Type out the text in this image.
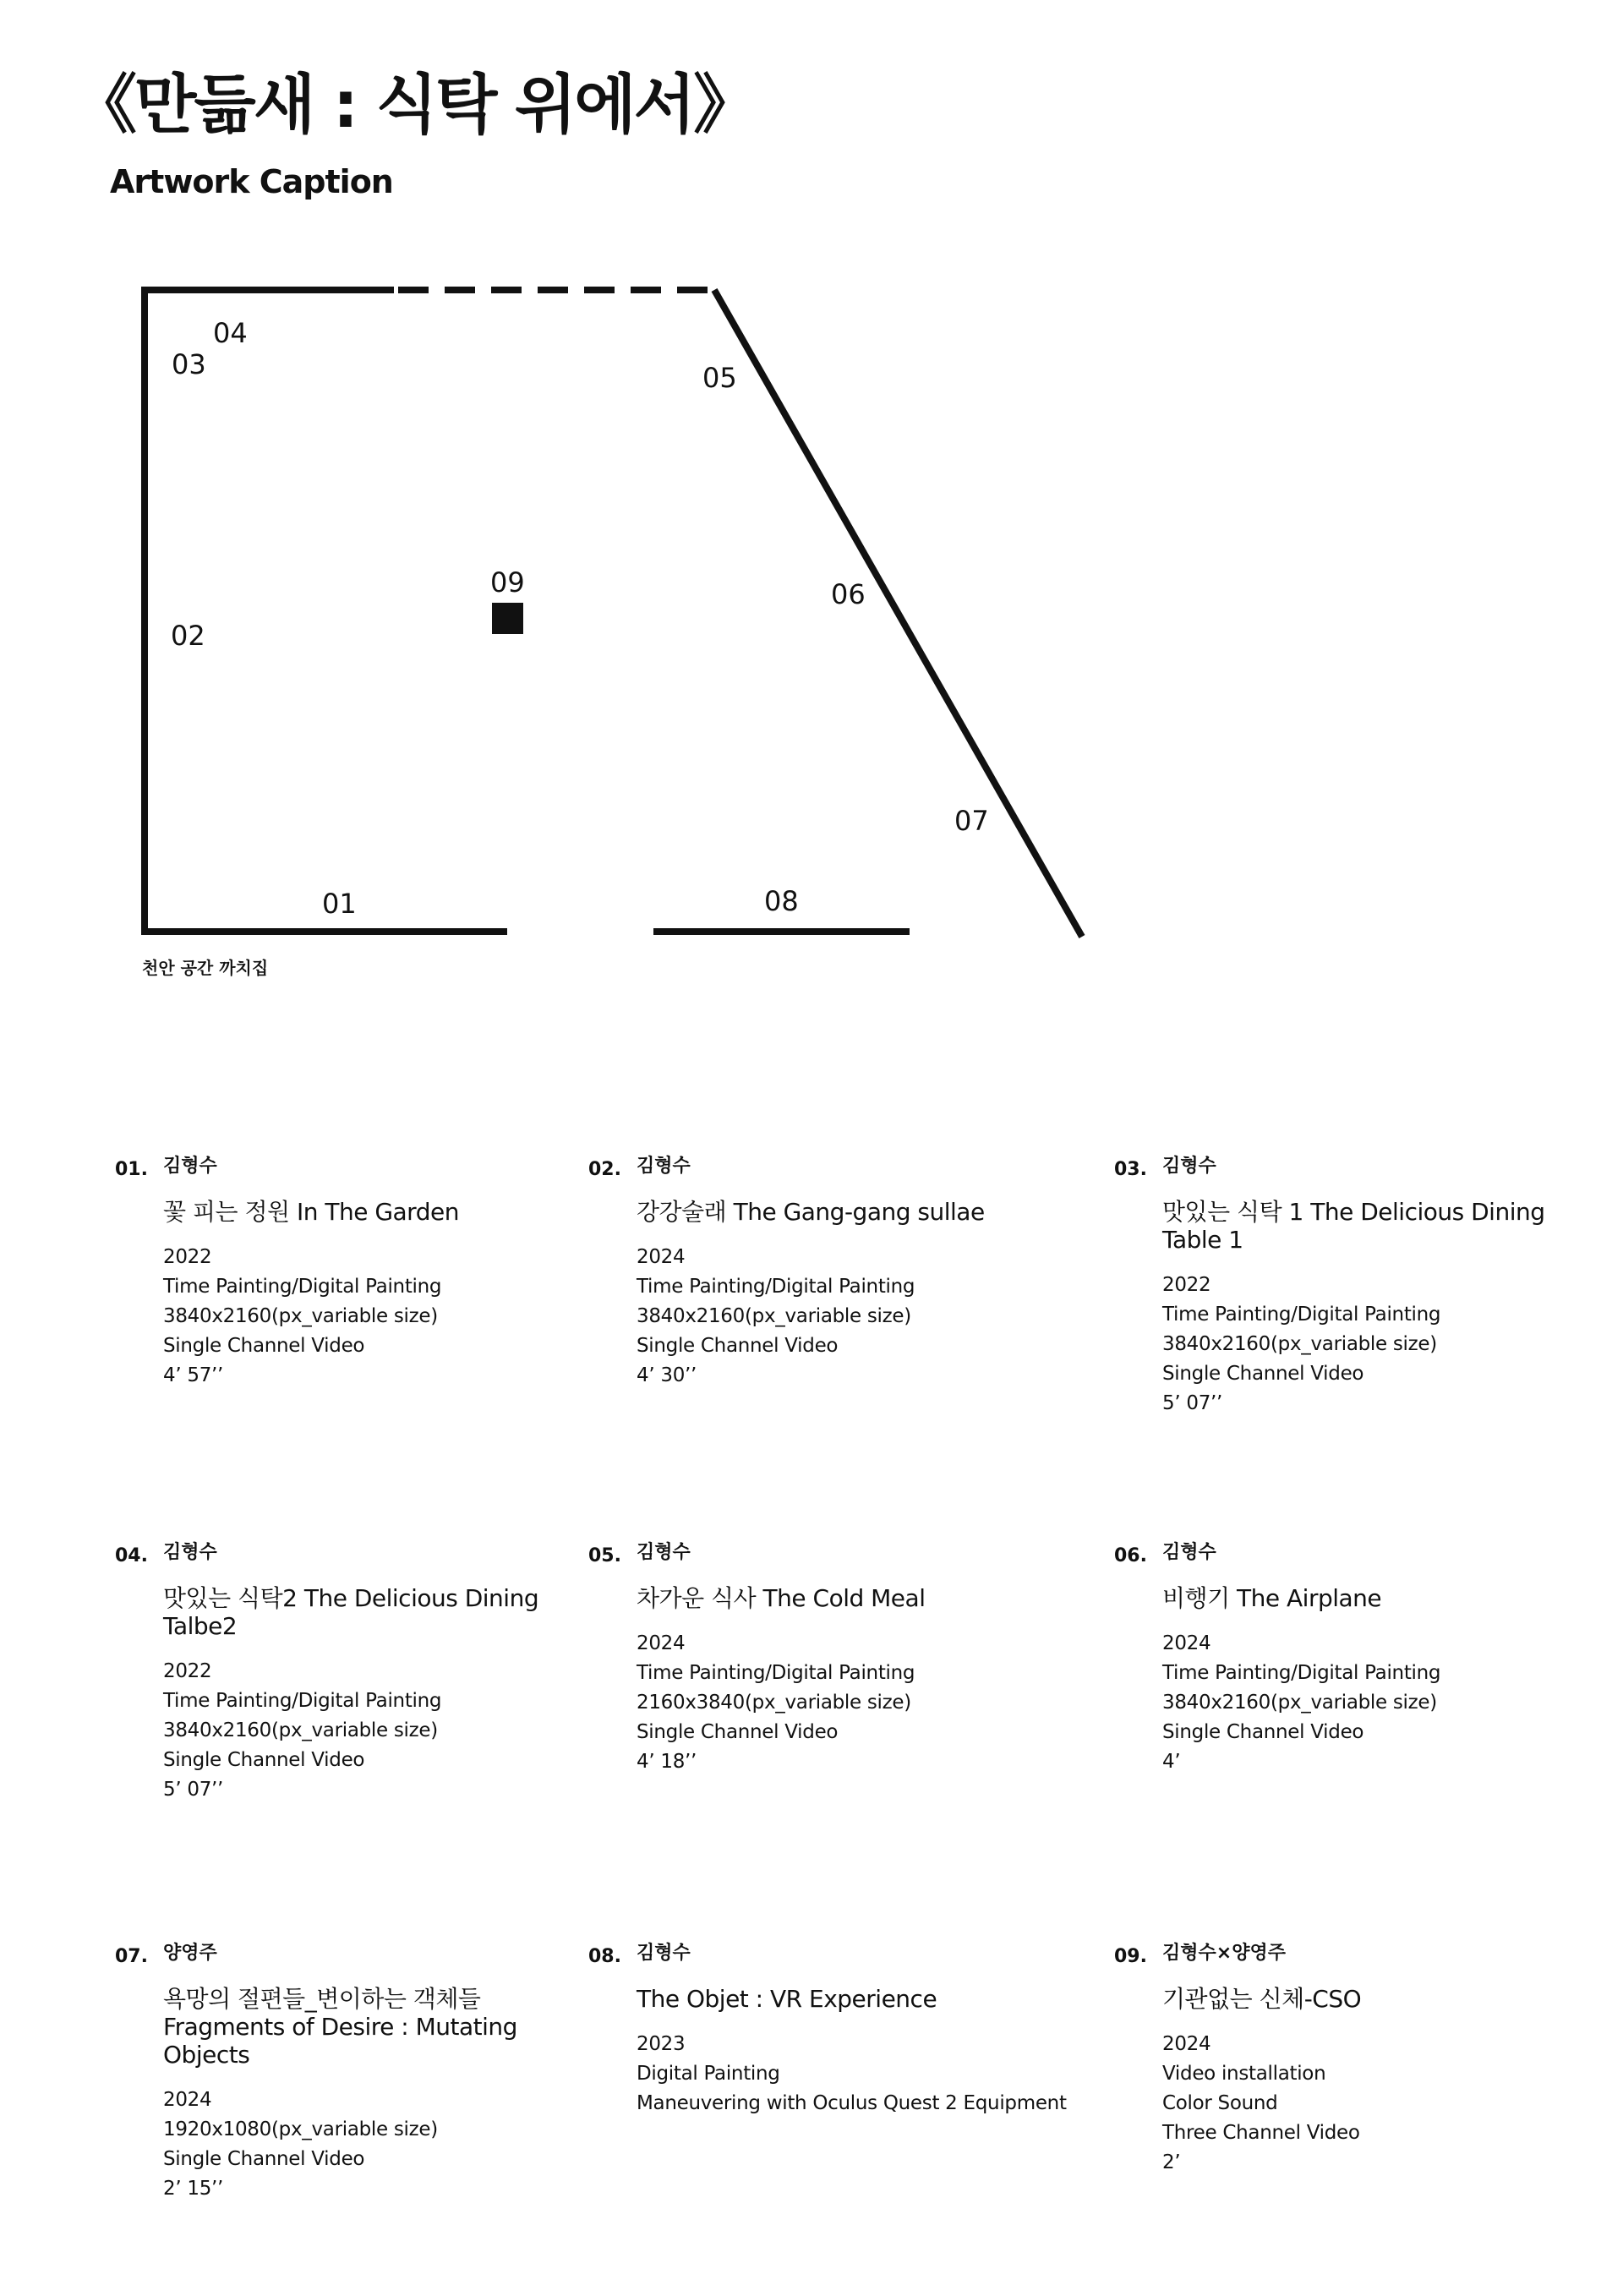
《만듦새 : 식탁 위에서》
Artwork Caption
01
02
03
04
05
06
07
08
09
천안 공간 까치집
01. 김형수
꽃 피는 정원 In The Garden
2022
Time Painting/Digital Painting
3840x2160(px_variable size)
Single Channel Video
4’ 57’’
02. 김형수
강강술래 The Gang-gang sullae
2024
Time Painting/Digital Painting
3840x2160(px_variable size)
Single Channel Video
4’ 30’’
03. 김형수
맛있는 식탁 1 The Delicious Dining Table 1
2022
Time Painting/Digital Painting
3840x2160(px_variable size)
Single Channel Video
5’ 07’’
04. 김형수
맛있는 식탁2 The Delicious Dining Talbe2
2022
Time Painting/Digital Painting
3840x2160(px_variable size)
Single Channel Video
5’ 07’’
05. 김형수
차가운 식사 The Cold Meal
2024
Time Painting/Digital Painting
2160x3840(px_variable size)
Single Channel Video
4’ 18’’
06. 김형수
비행기 The Airplane
2024
Time Painting/Digital Painting
3840x2160(px_variable size)
Single Channel Video
4’
07. 양영주
욕망의 절편들_변이하는 객체들 Fragments of Desire : Mutating Objects
2024
1920x1080(px_variable size)
Single Channel Video
2’ 15’’
08. 김형수
The Objet : VR Experience
2023
Digital Painting
Maneuvering with Oculus Quest 2 Equipment
09. 김형수×양영주
기관없는 신체-CSO
2024
Video installation
Color Sound
Three Channel Video
2’
